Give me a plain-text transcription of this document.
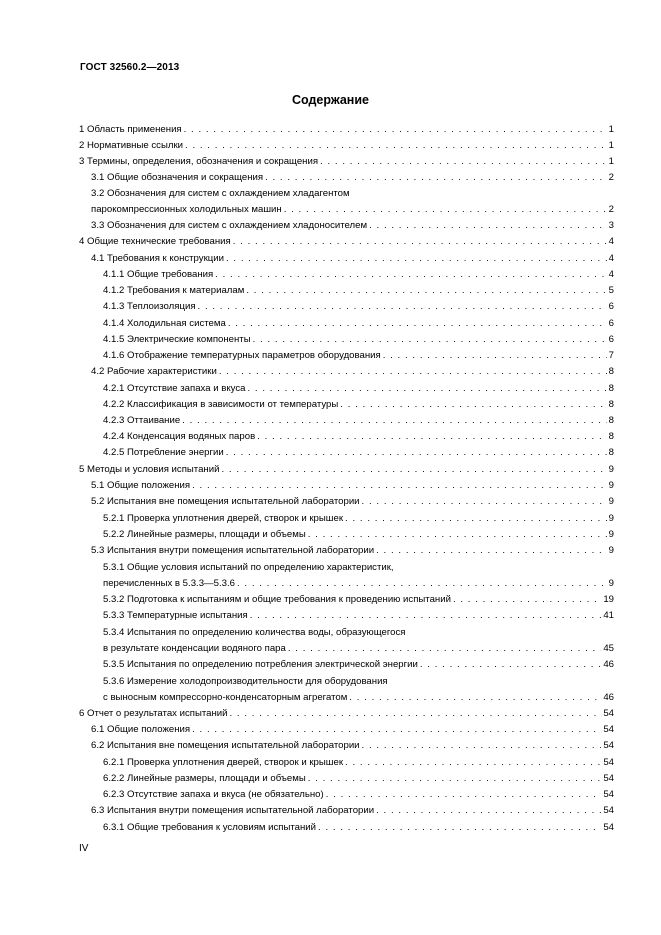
ГОСТ 32560.2—2013
Содержание
1 Область применения . . .	1
2 Нормативные ссылки . . .	1
3 Термины, определения, обозначения и сокращения . . .	1
3.1 Общие обозначения и сокращения . . .	2
3.2 Обозначения для систем с охлаждением хладагентом
парокомпрессионных холодильных машин . . .	2
3.3 Обозначения для систем с охлаждением хладоносителем . . .	3
4 Общие технические требования . . .	4
4.1 Требования к конструкции . . .	4
4.1.1 Общие требования . . .	4
4.1.2 Требования к материалам . . .	5
4.1.3 Теплоизоляция . . .	6
4.1.4 Холодильная система . . .	6
4.1.5 Электрические компоненты . . .	6
4.1.6 Отображение температурных параметров оборудования . . .	7
4.2 Рабочие характеристики . . .	8
4.2.1 Отсутствие запаха и вкуса . . .	8
4.2.2 Классификация в зависимости от температуры . . .	8
4.2.3 Оттаивание . . .	8
4.2.4 Конденсация водяных паров . . .	8
4.2.5 Потребление энергии . . .	8
5 Методы и условия испытаний . . .	9
5.1 Общие положения . . .	9
5.2 Испытания вне помещения испытательной лаборатории . . .	9
5.2.1 Проверка уплотнения дверей, створок и крышек . . .	9
5.2.2 Линейные размеры, площади и объемы . . .	9
5.3 Испытания внутри помещения испытательной лаборатории . . .	9
5.3.1 Общие условия испытаний по определению характеристик,
перечисленных в 5.3.3—5.3.6 . . .	9
5.3.2 Подготовка к испытаниям и общие требования к проведению испытаний . . .	19
5.3.3 Температурные испытания . . .	41
5.3.4 Испытания по определению количества воды, образующегося
в результате конденсации водяного пара . . .	45
5.3.5 Испытания по определению потребления электрической энергии . . .	46
5.3.6 Измерение холодопроизводительности для оборудования
с выносным компрессорно-конденсаторным агрегатом . . .	46
6 Отчет о результатах испытаний . . .	54
6.1 Общие положения . . .	54
6.2 Испытания вне помещения испытательной лаборатории . . .	54
6.2.1 Проверка уплотнения дверей, створок и крышек . . .	54
6.2.2 Линейные размеры, площади и объемы . . .	54
6.2.3 Отсутствие запаха и вкуса (не обязательно) . . .	54
6.3 Испытания внутри помещения испытательной лаборатории . . .	54
6.3.1 Общие требования к условиям испытаний . . .	54
IV
